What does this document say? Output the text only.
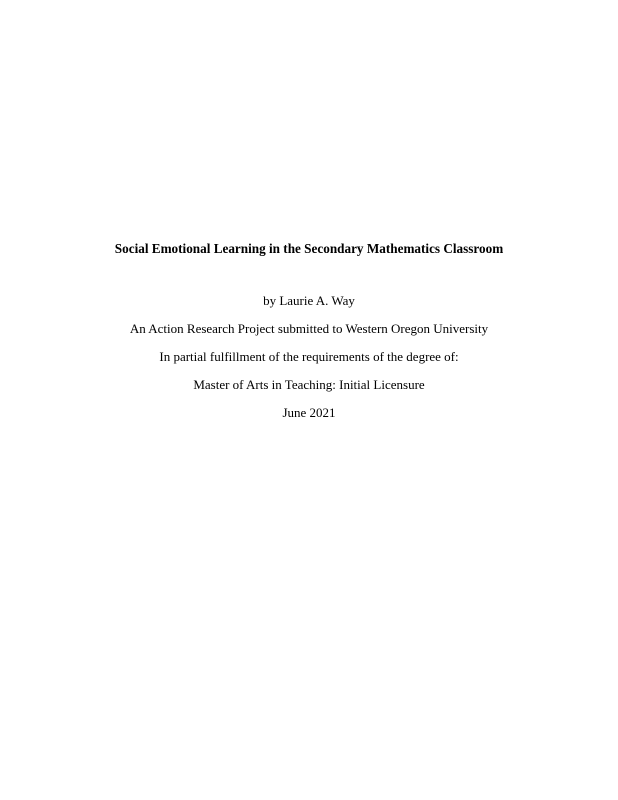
Social Emotional Learning in the Secondary Mathematics Classroom
by Laurie A. Way
An Action Research Project submitted to Western Oregon University
In partial fulfillment of the requirements of the degree of:
Master of Arts in Teaching: Initial Licensure
June 2021
